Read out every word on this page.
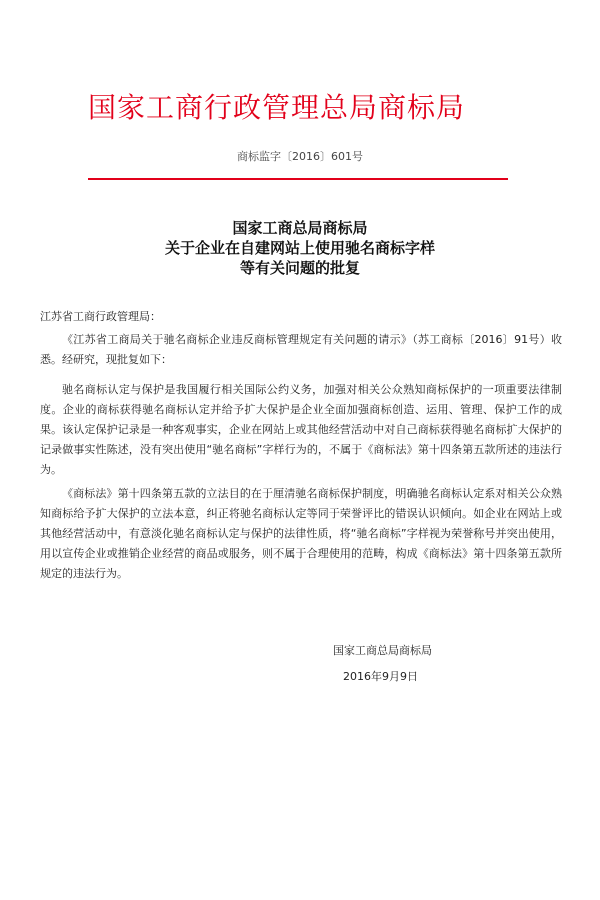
国家工商行政管理总局商标局
商标监字〔2016〕601号
国家工商总局商标局
关于企业在自建网站上使用驰名商标字样
等有关问题的批复
江苏省工商行政管理局：

《江苏省工商局关于驰名商标企业违反商标管理规定有关问题的请示》（苏工商标〔2016〕91号）收悉。经研究，现批复如下：

驰名商标认定与保护是我国履行相关国际公约义务，加强对相关公众熟知商标保护的一项重要法律制度。企业的商标获得驰名商标认定并给予扩大保护是企业全面加强商标创造、运用、管理、保护工作的成果。该认定保护记录是一种客观事实，企业在网站上或其他经营活动中对自己商标获得驰名商标扩大保护的记录做事实性陈述，没有突出使用“驰名商标”字样行为的，不属于《商标法》第十四条第五款所述的违法行为。

《商标法》第十四条第五款的立法目的在于厘清驰名商标保护制度，明确驰名商标认定系对相关公众熟知商标给予扩大保护的立法本意，纠正将驰名商标认定等同于荣誉评比的错误认识倾向。如企业在网站上或其他经营活动中，有意淡化驰名商标认定与保护的法律性质，将“驰名商标”字样视为荣誉称号并突出使用，用以宣传企业或推销企业经营的商品或服务，则不属于合理使用的范畴，构成《商标法》第十四条第五款所规定的违法行为。

国家工商总局商标局
2016年9月9日
